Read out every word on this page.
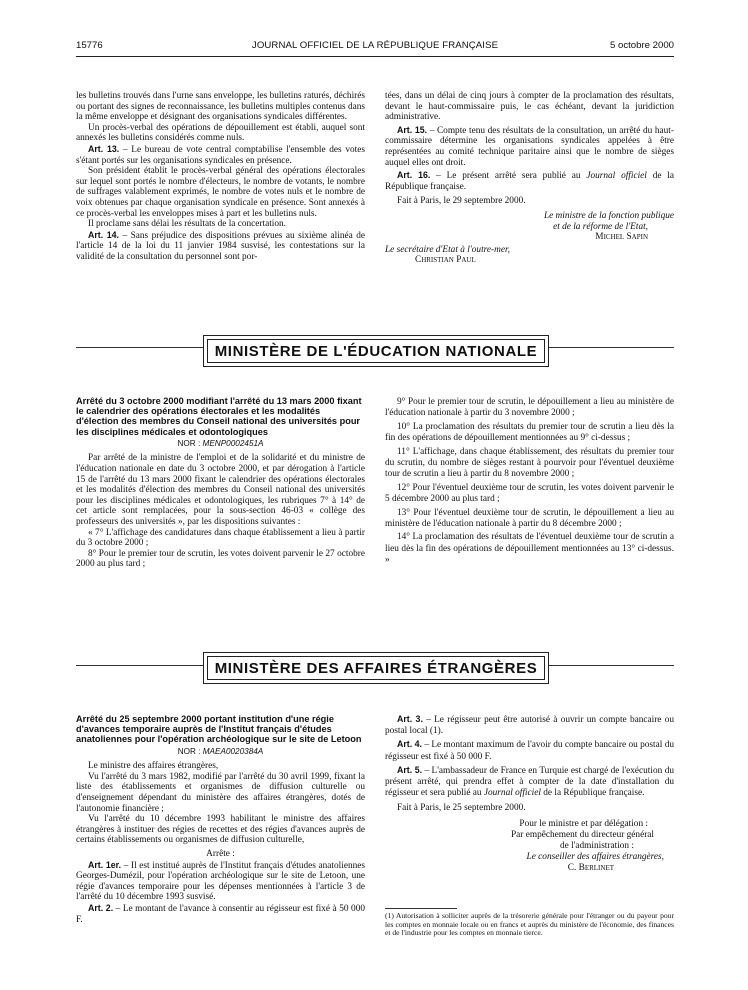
15776	JOURNAL OFFICIEL DE LA RÉPUBLIQUE FRANÇAISE	5 octobre 2000

les bulletins trouvés dans l'urne sans enveloppe, les bulletins raturés, déchirés ou portant des signes de reconnaissance, les bulletins multiples contenus dans la même enveloppe et désignant des organisations syndicales différentes.

Un procès-verbal des opérations de dépouillement est établi, auquel sont annexés les bulletins considérés comme nuls.

Art. 13. – Le bureau de vote central comptabilise l'ensemble des votes s'étant portés sur les organisations syndicales en présence.

Son président établit le procès-verbal général des opérations électorales sur lequel sont portés le nombre d'électeurs, le nombre de votants, le nombre de suffrages valablement exprimés, le nombre de votes nuls et le nombre de voix obtenues par chaque organisation syndicale en présence. Sont annexés à ce procès-verbal les enveloppes mises à part et les bulletins nuls.

Il proclame sans délai les résultats de la concertation.

Art. 14. – Sans préjudice des dispositions prévues au sixième alinéa de l'article 14 de la loi du 11 janvier 1984 susvisé, les contestations sur la validité de la consultation du personnel sont por-

tées, dans un délai de cinq jours à compter de la proclamation des résultats, devant le haut-commissaire puis, le cas échéant, devant la juridiction administrative.

Art. 15. – Compte tenu des résultats de la consultation, un arrêté du haut-commissaire détermine les organisations syndicales appelées à être représentées au comité technique paritaire ainsi que le nombre de sièges auquel elles ont droit.

Art. 16. – Le présent arrêté sera publié au Journal officiel de la République française.

Fait à Paris, le 29 septembre 2000.

Le ministre de la fonction publique

et de la réforme de l'Etat,

Michel Sapin

Le secrétaire d'Etat à l'outre-mer,

Christian Paul

MINISTÈRE DE L'ÉDUCATION NATIONALE

Arrêté du 3 octobre 2000 modifiant l'arrêté du 13 mars 2000 fixant le calendrier des opérations électorales et les modalités d'élection des membres du Conseil national des universités pour les disciplines médicales et odontologiques

NOR : MENP0002451A

Par arrêté de la ministre de l'emploi et de la solidarité et du ministre de l'éducation nationale en date du 3 octobre 2000, et par dérogation à l'article 15 de l'arrêté du 13 mars 2000 fixant le calendrier des opérations électorales et les modalités d'élection des membres du Conseil national des universités pour les disciplines médicales et odontologiques, les rubriques 7° à 14° de cet article sont remplacées, pour la sous-section 46-03 « collège des professeurs des universités », par les dispositions suivantes :

« 7° L'affichage des candidatures dans chaque établissement a lieu à partir du 3 octobre 2000 ;

8° Pour le premier tour de scrutin, les votes doivent parvenir le 27 octobre 2000 au plus tard ;

9° Pour le premier tour de scrutin, le dépouillement a lieu au ministère de l'éducation nationale à partir du 3 novembre 2000 ;

10° La proclamation des résultats du premier tour de scrutin a lieu dès la fin des opérations de dépouillement mentionnées au 9° ci-dessus ;

11° L'affichage, dans chaque établissement, des résultats du premier tour du scrutin, du nombre de sièges restant à pourvoir pour l'éventuel deuxième tour de scrutin a lieu à partir du 8 novembre 2000 ;

12° Pour l'éventuel deuxième tour de scrutin, les votes doivent parvenir le 5 décembre 2000 au plus tard ;

13° Pour l'éventuel deuxième tour de scrutin, le dépouillement a lieu au ministère de l'éducation nationale à partir du 8 décembre 2000 ;

14° La proclamation des résultats de l'éventuel deuxième tour de scrutin a lieu dès la fin des opérations de dépouillement mentionnées au 13° ci-dessus. »

MINISTÈRE DES AFFAIRES ÉTRANGÈRES

Arrêté du 25 septembre 2000 portant institution d'une régie d'avances temporaire auprès de l'Institut français d'études anatoliennes pour l'opération archéologique sur le site de Letoon

NOR : MAEA0020384A

Le ministre des affaires étrangères,

Vu l'arrêté du 3 mars 1982, modifié par l'arrêté du 30 avril 1999, fixant la liste des établissements et organismes de diffusion culturelle ou d'enseignement dépendant du ministère des affaires étrangères, dotés de l'autonomie financière ;

Vu l'arrêté du 10 décembre 1993 habilitant le ministre des affaires étrangères à instituer des régies de recettes et des régies d'avances auprès de certains établissements ou organismes de diffusion culturelle,

Arrête :

Art. 1er. – Il est institué auprès de l'Institut français d'études anatoliennes Georges-Dumézil, pour l'opération archéologique sur le site de Letoon, une régie d'avances temporaire pour les dépenses mentionnées à l'article 3 de l'arrêté du 10 décembre 1993 susvisé.

Art. 2. – Le montant de l'avance à consentir au régisseur est fixé à 50 000 F.

Art. 3. – Le régisseur peut être autorisé à ouvrir un compte bancaire ou postal local (1).

Art. 4. – Le montant maximum de l'avoir du compte bancaire ou postal du régisseur est fixé à 50 000 F.

Art. 5. – L'ambassadeur de France en Turquie est chargé de l'exécution du présent arrêté, qui prendra effet à compter de la date d'installation du régisseur et sera publié au Journal officiel de la République française.

Fait à Paris, le 25 septembre 2000.

Pour le ministre et par délégation :

Par empêchement du directeur général

de l'administration :

Le conseiller des affaires étrangères,

C. Berlinet

(1) Autorisation à solliciter auprès de la trésorerie générale pour l'étranger ou du payeur pour les comptes en monnaie locale ou en francs et auprès du ministère de l'économie, des finances et de l'industrie pour les comptes en monnaie tierce.
